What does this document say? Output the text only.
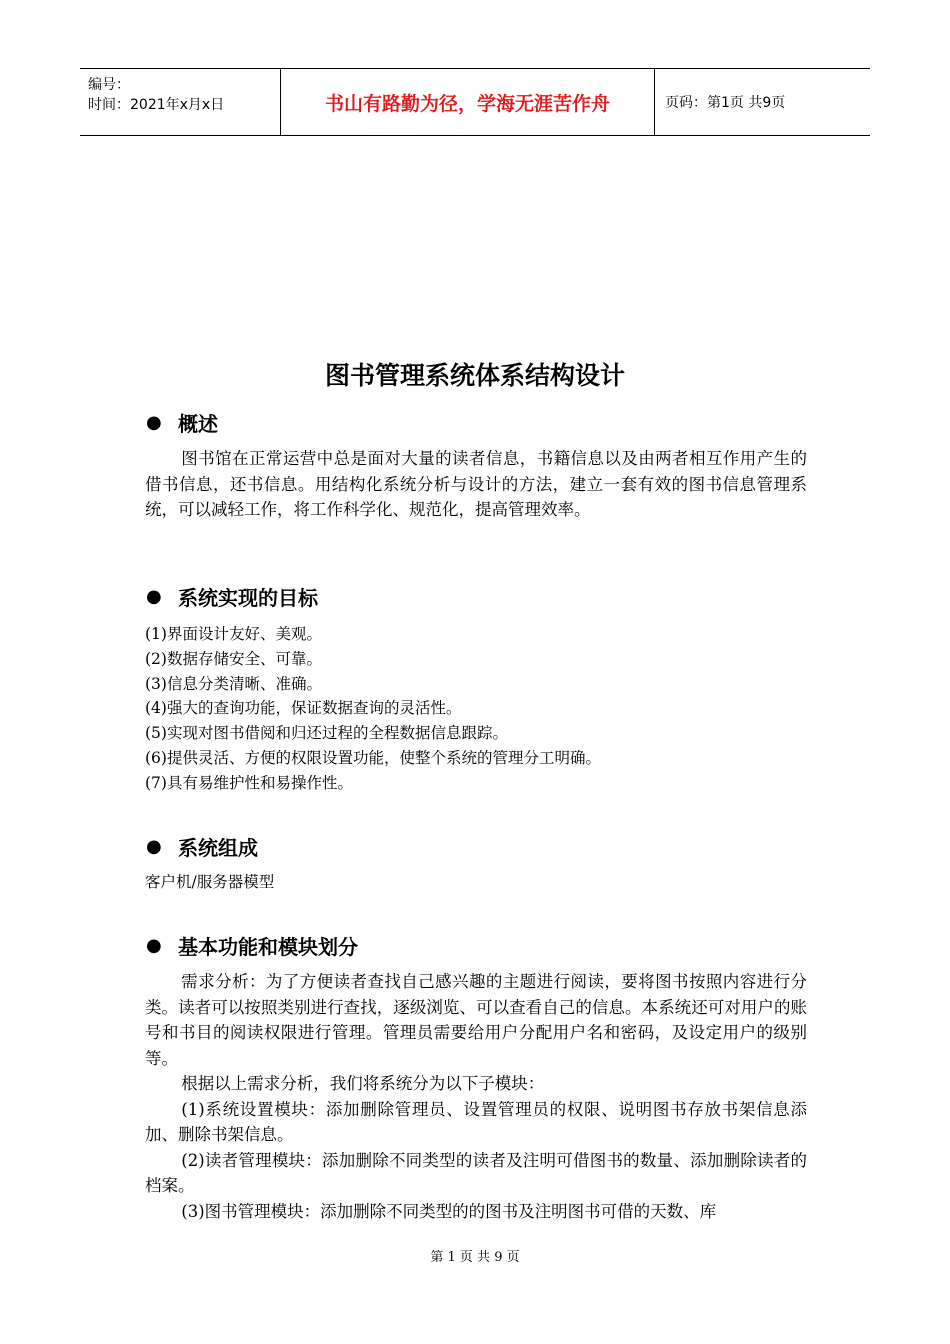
编号：
时间：2021年x月x日	书山有路勤为径，学海无涯苦作舟	页码：第1页 共9页
图书管理系统体系结构设计
● 概述

图书馆在正常运营中总是面对大量的读者信息，书籍信息以及由两者相互作用产生的借书信息，还书信息。用结构化系统分析与设计的方法，建立一套有效的图书信息管理系统，可以减轻工作，将工作科学化、规范化，提高管理效率。

● 系统实现的目标
(1)界面设计友好、美观。
(2)数据存储安全、可靠。
(3)信息分类清晰、准确。
(4)强大的查询功能，保证数据查询的灵活性。
(5)实现对图书借阅和归还过程的全程数据信息跟踪。
(6)提供灵活、方便的权限设置功能，使整个系统的管理分工明确。
(7)具有易维护性和易操作性。
● 系统组成
客户机/服务器模型
● 基本功能和模块划分

需求分析：为了方便读者查找自己感兴趣的主题进行阅读，要将图书按照内容进行分类。读者可以按照类别进行查找，逐级浏览、可以查看自己的信息。本系统还可对用户的账号和书目的阅读权限进行管理。管理员需要给用户分配用户名和密码，及设定用户的级别等。

根据以上需求分析，我们将系统分为以下子模块：

(1)系统设置模块：添加删除管理员、设置管理员的权限、说明图书存放书架信息添加、删除书架信息。

(2)读者管理模块：添加删除不同类型的读者及注明可借图书的数量、添加删除读者的档案。

(3)图书管理模块：添加删除不同类型的的图书及注明图书可借的天数、库

第 1 页 共 9 页
